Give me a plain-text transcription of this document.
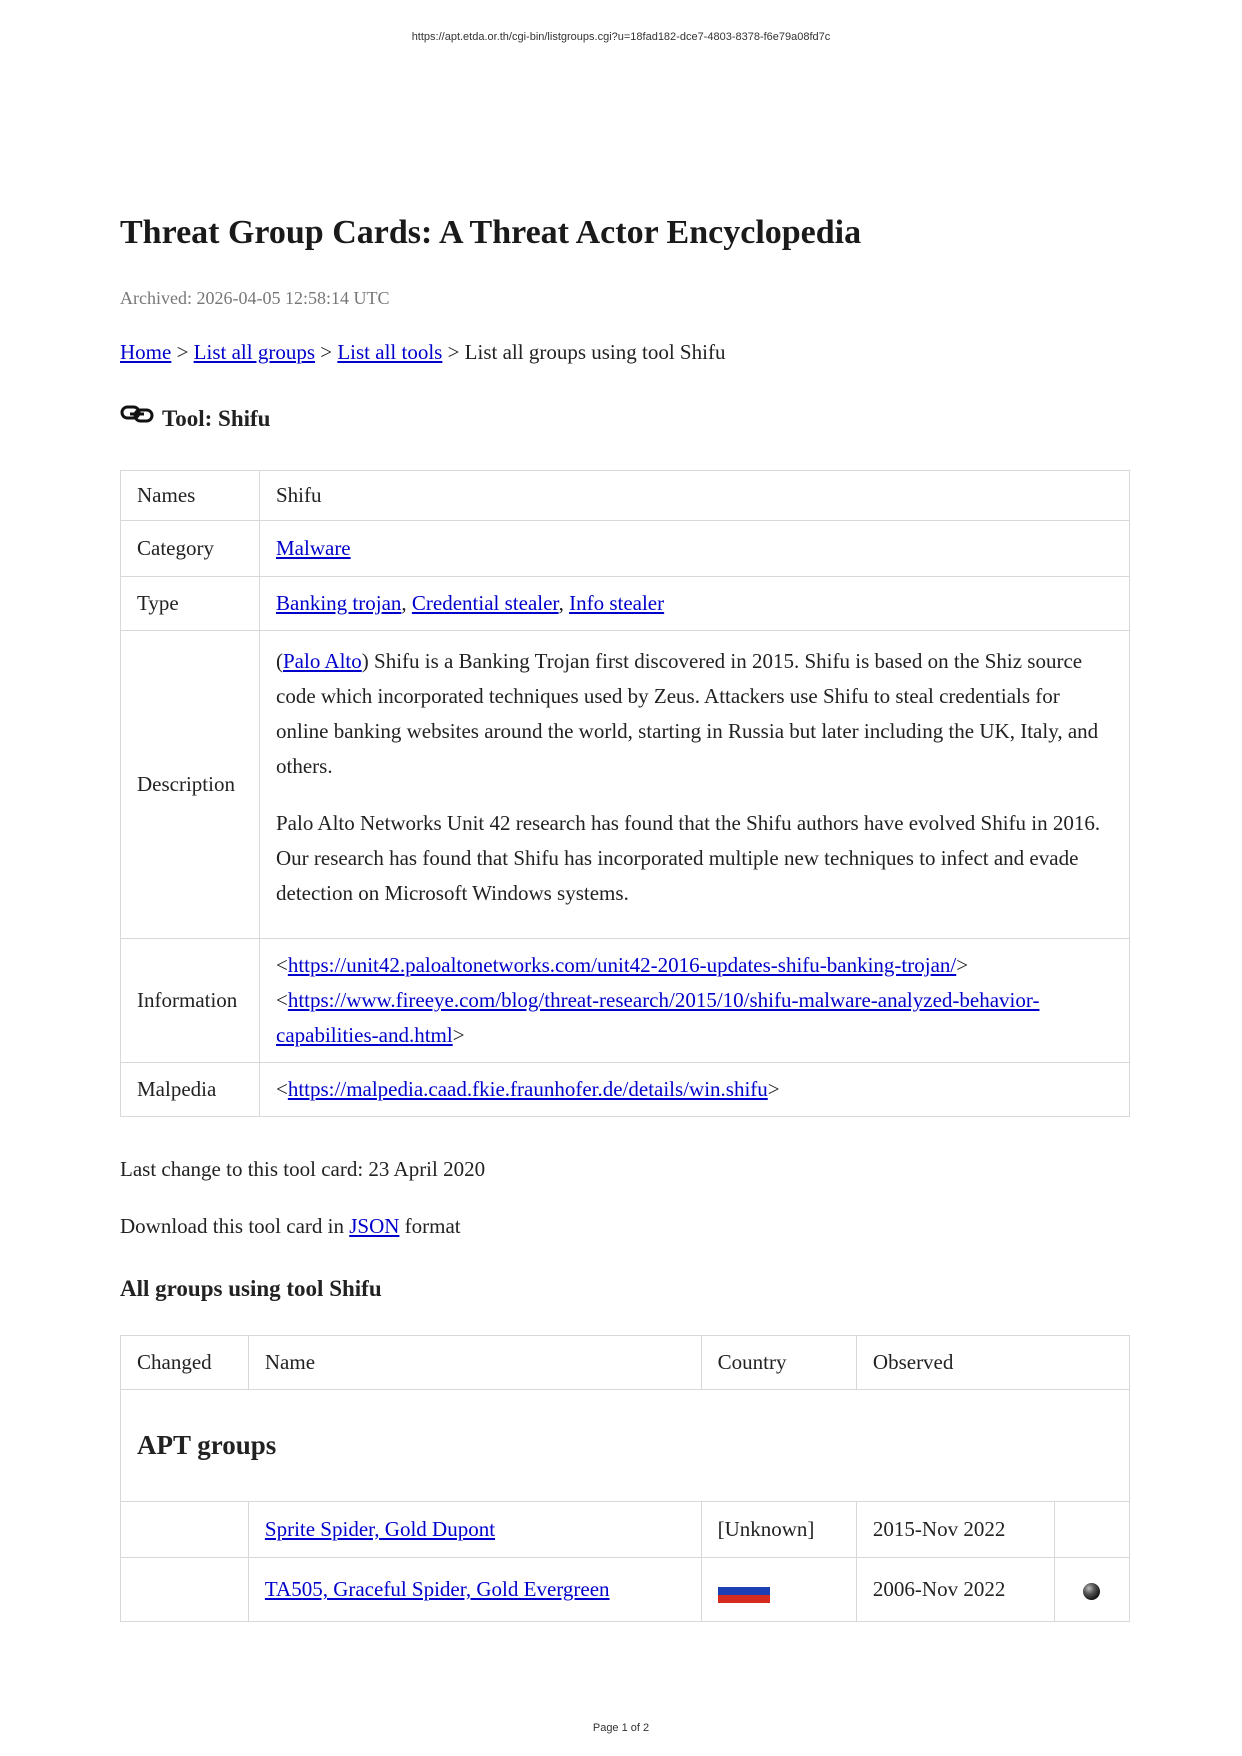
https://apt.etda.or.th/cgi-bin/listgroups.cgi?u=18fad182-dce7-4803-8378-f6e79a08fd7c
Threat Group Cards: A Threat Actor Encyclopedia
Archived: 2026-04-05 12:58:14 UTC
Home > List all groups > List all tools > List all groups using tool Shifu
Tool: Shifu
Names	Shifu
Category	Malware
Type	Banking trojan, Credential stealer, Info stealer
Description	(Palo Alto) Shifu is a Banking Trojan first discovered in 2015. Shifu is based on the Shiz source code which incorporated techniques used by Zeus. Attackers use Shifu to steal credentials for online banking websites around the world, starting in Russia but later including the UK, Italy, and others.

Palo Alto Networks Unit 42 research has found that the Shifu authors have evolved Shifu in 2016. Our research has found that Shifu has incorporated multiple new techniques to infect and evade detection on Microsoft Windows systems.

Information	<https://unit42.paloaltonetworks.com/unit42-2016-updates-shifu-banking-trojan/>
<https://www.fireeye.com/blog/threat-research/2015/10/shifu-malware-analyzed-behavior-capabilities-and.html>

Malpedia	<https://malpedia.caad.fkie.fraunhofer.de/details/win.shifu>
Last change to this tool card: 23 April 2020
Download this tool card in JSON format
All groups using tool Shifu
Changed	Name	Country	Observed	
APT groups				
	Sprite Spider, Gold Dupont	[Unknown]	2015-Nov 2022	
	TA505, Graceful Spider, Gold Evergreen		2006-Nov 2022	
Page 1 of 2
